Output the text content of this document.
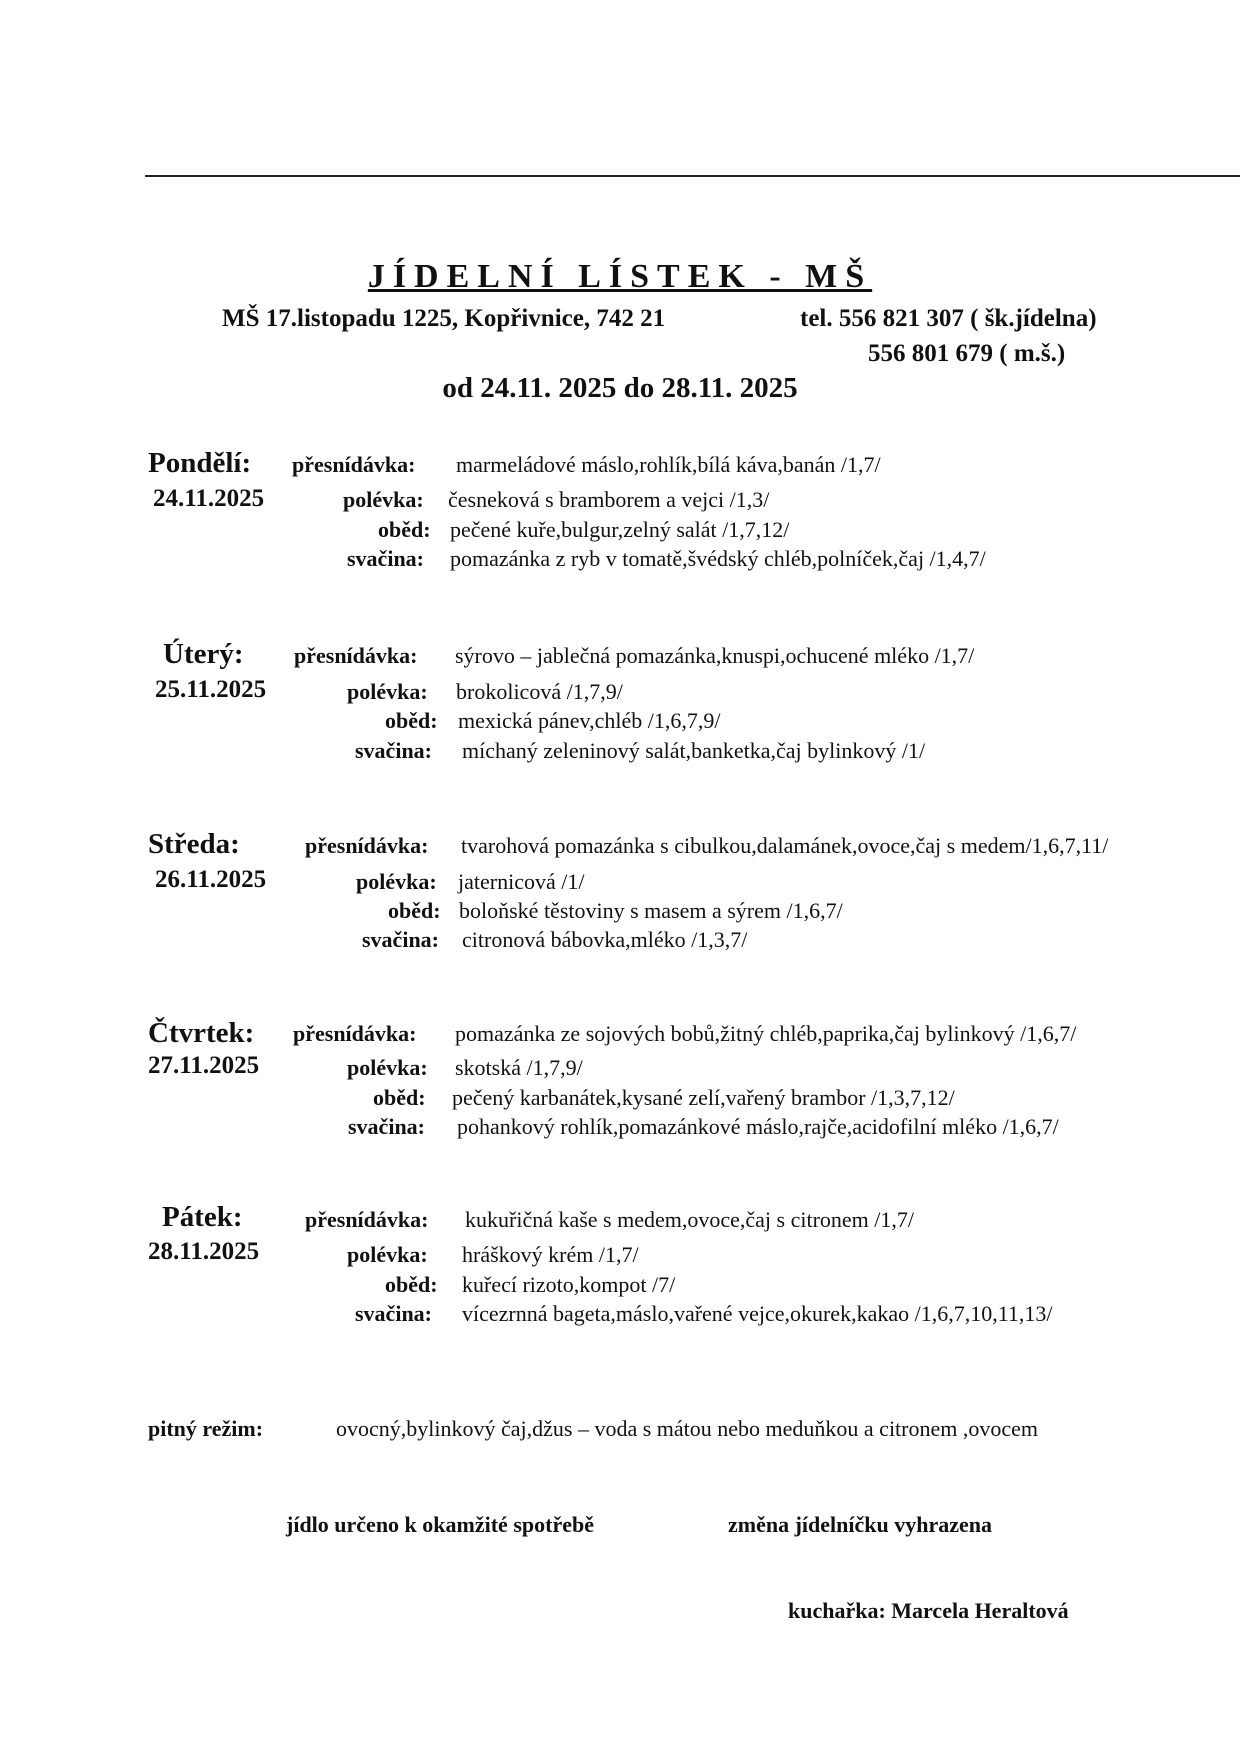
JÍDELNÍ LÍSTEK - MŠ
MŠ 17.listopadu 1225, Kopřivnice, 742 21	tel. 556 821 307 ( šk.jídelna)
556 801 679 ( m.š.)
od 24.11. 2025 do 28.11. 2025
Pondělí:
24.11.2025
přesnídávka: marmeládové máslo,rohlík,bílá káva,banán /1,7/
polévka: česneková s bramborem a vejci /1,3/
oběd: pečené kuře,bulgur,zelný salát /1,7,12/
svačina: pomazánka z ryb v tomatě,švédský chléb,polníček,čaj /1,4,7/
Úterý:
25.11.2025
přesnídávka: sýrovo – jablečná pomazánka,knuspi,ochucené mléko /1,7/
polévka: brokolicová /1,7,9/
oběd: mexická pánev,chléb /1,6,7,9/
svačina: míchaný zeleninový salát,banketka,čaj bylinkový /1/
Středa:
26.11.2025
přesnídávka: tvarohová pomazánka s cibulkou,dalamánek,ovoce,čaj s medem/1,6,7,11/
polévka: jaternicová /1/
oběd: boloňské těstoviny s masem a sýrem /1,6,7/
svačina: citronová bábovka,mléko /1,3,7/
Čtvrtek:
27.11.2025
přesnídávka: pomazánka ze sojových bobů,žitný chléb,paprika,čaj bylinkový /1,6,7/
polévka: skotská /1,7,9/
oběd: pečený karbanátek,kysané zelí,vařený brambor /1,3,7,12/
svačina: pohankový rohlík,pomazánkové máslo,rajče,acidofilní mléko /1,6,7/
Pátek:
28.11.2025
přesnídávka: kukuřičná kaše s medem,ovoce,čaj s citronem /1,7/
polévka: hráškový krém /1,7/
oběd: kuřecí rizoto,kompot /7/
svačina: vícezrnná bageta,máslo,vařené vejce,okurek,kakao /1,6,7,10,11,13/
pitný režim:	ovocný,bylinkový čaj,džus – voda s mátou nebo meduňkou a citronem ,ovocem
jídlo určeno k okamžité spotřebě	změna jídelníčku vyhrazena
kuchařka: Marcela Heraltová
